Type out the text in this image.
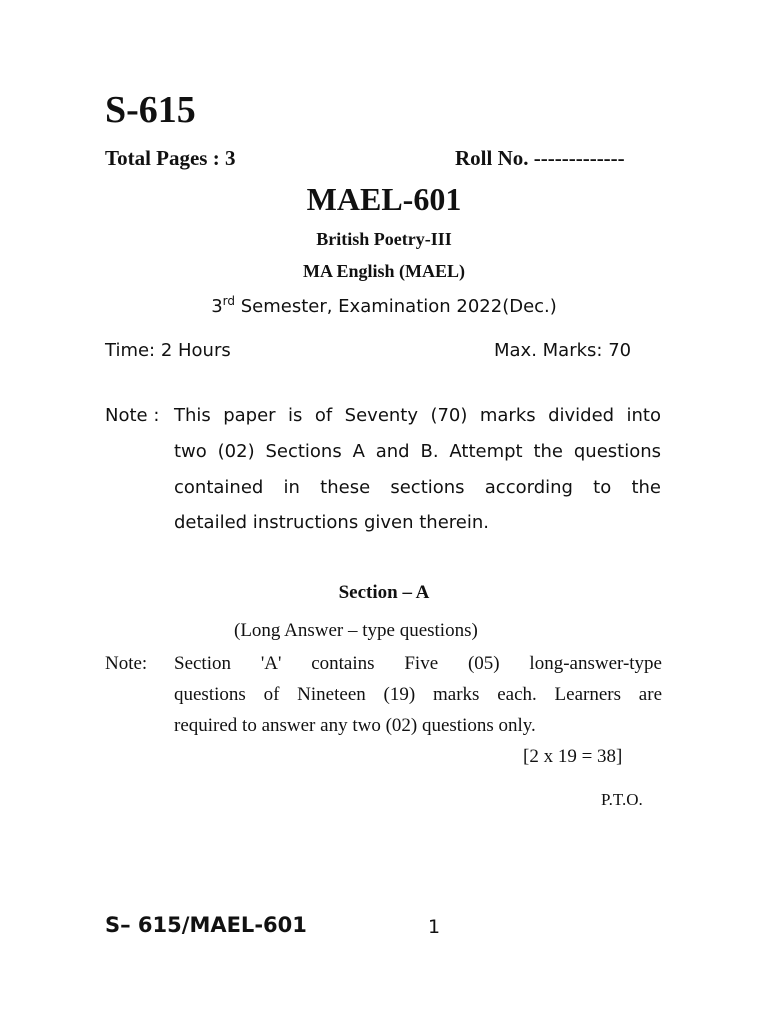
S-615
Total Pages : 3	Roll No. -------------
MAEL-601
British Poetry-III
MA English (MAEL)
3rd Semester, Examination 2022(Dec.)
Time: 2 Hours	Max. Marks: 70
Note : This paper is of Seventy (70) marks divided into
two (02) Sections A and B. Attempt the questions
contained in these sections according to the
detailed instructions given therein.
Section – A
(Long Answer – type questions)
Note: Section 'A' contains Five (05) long-answer-type
questions of Nineteen (19) marks each. Learners are
required to answer any two (02) questions only.
[2 x 19 = 38]
P.T.O.
S– 615/MAEL-601	1
